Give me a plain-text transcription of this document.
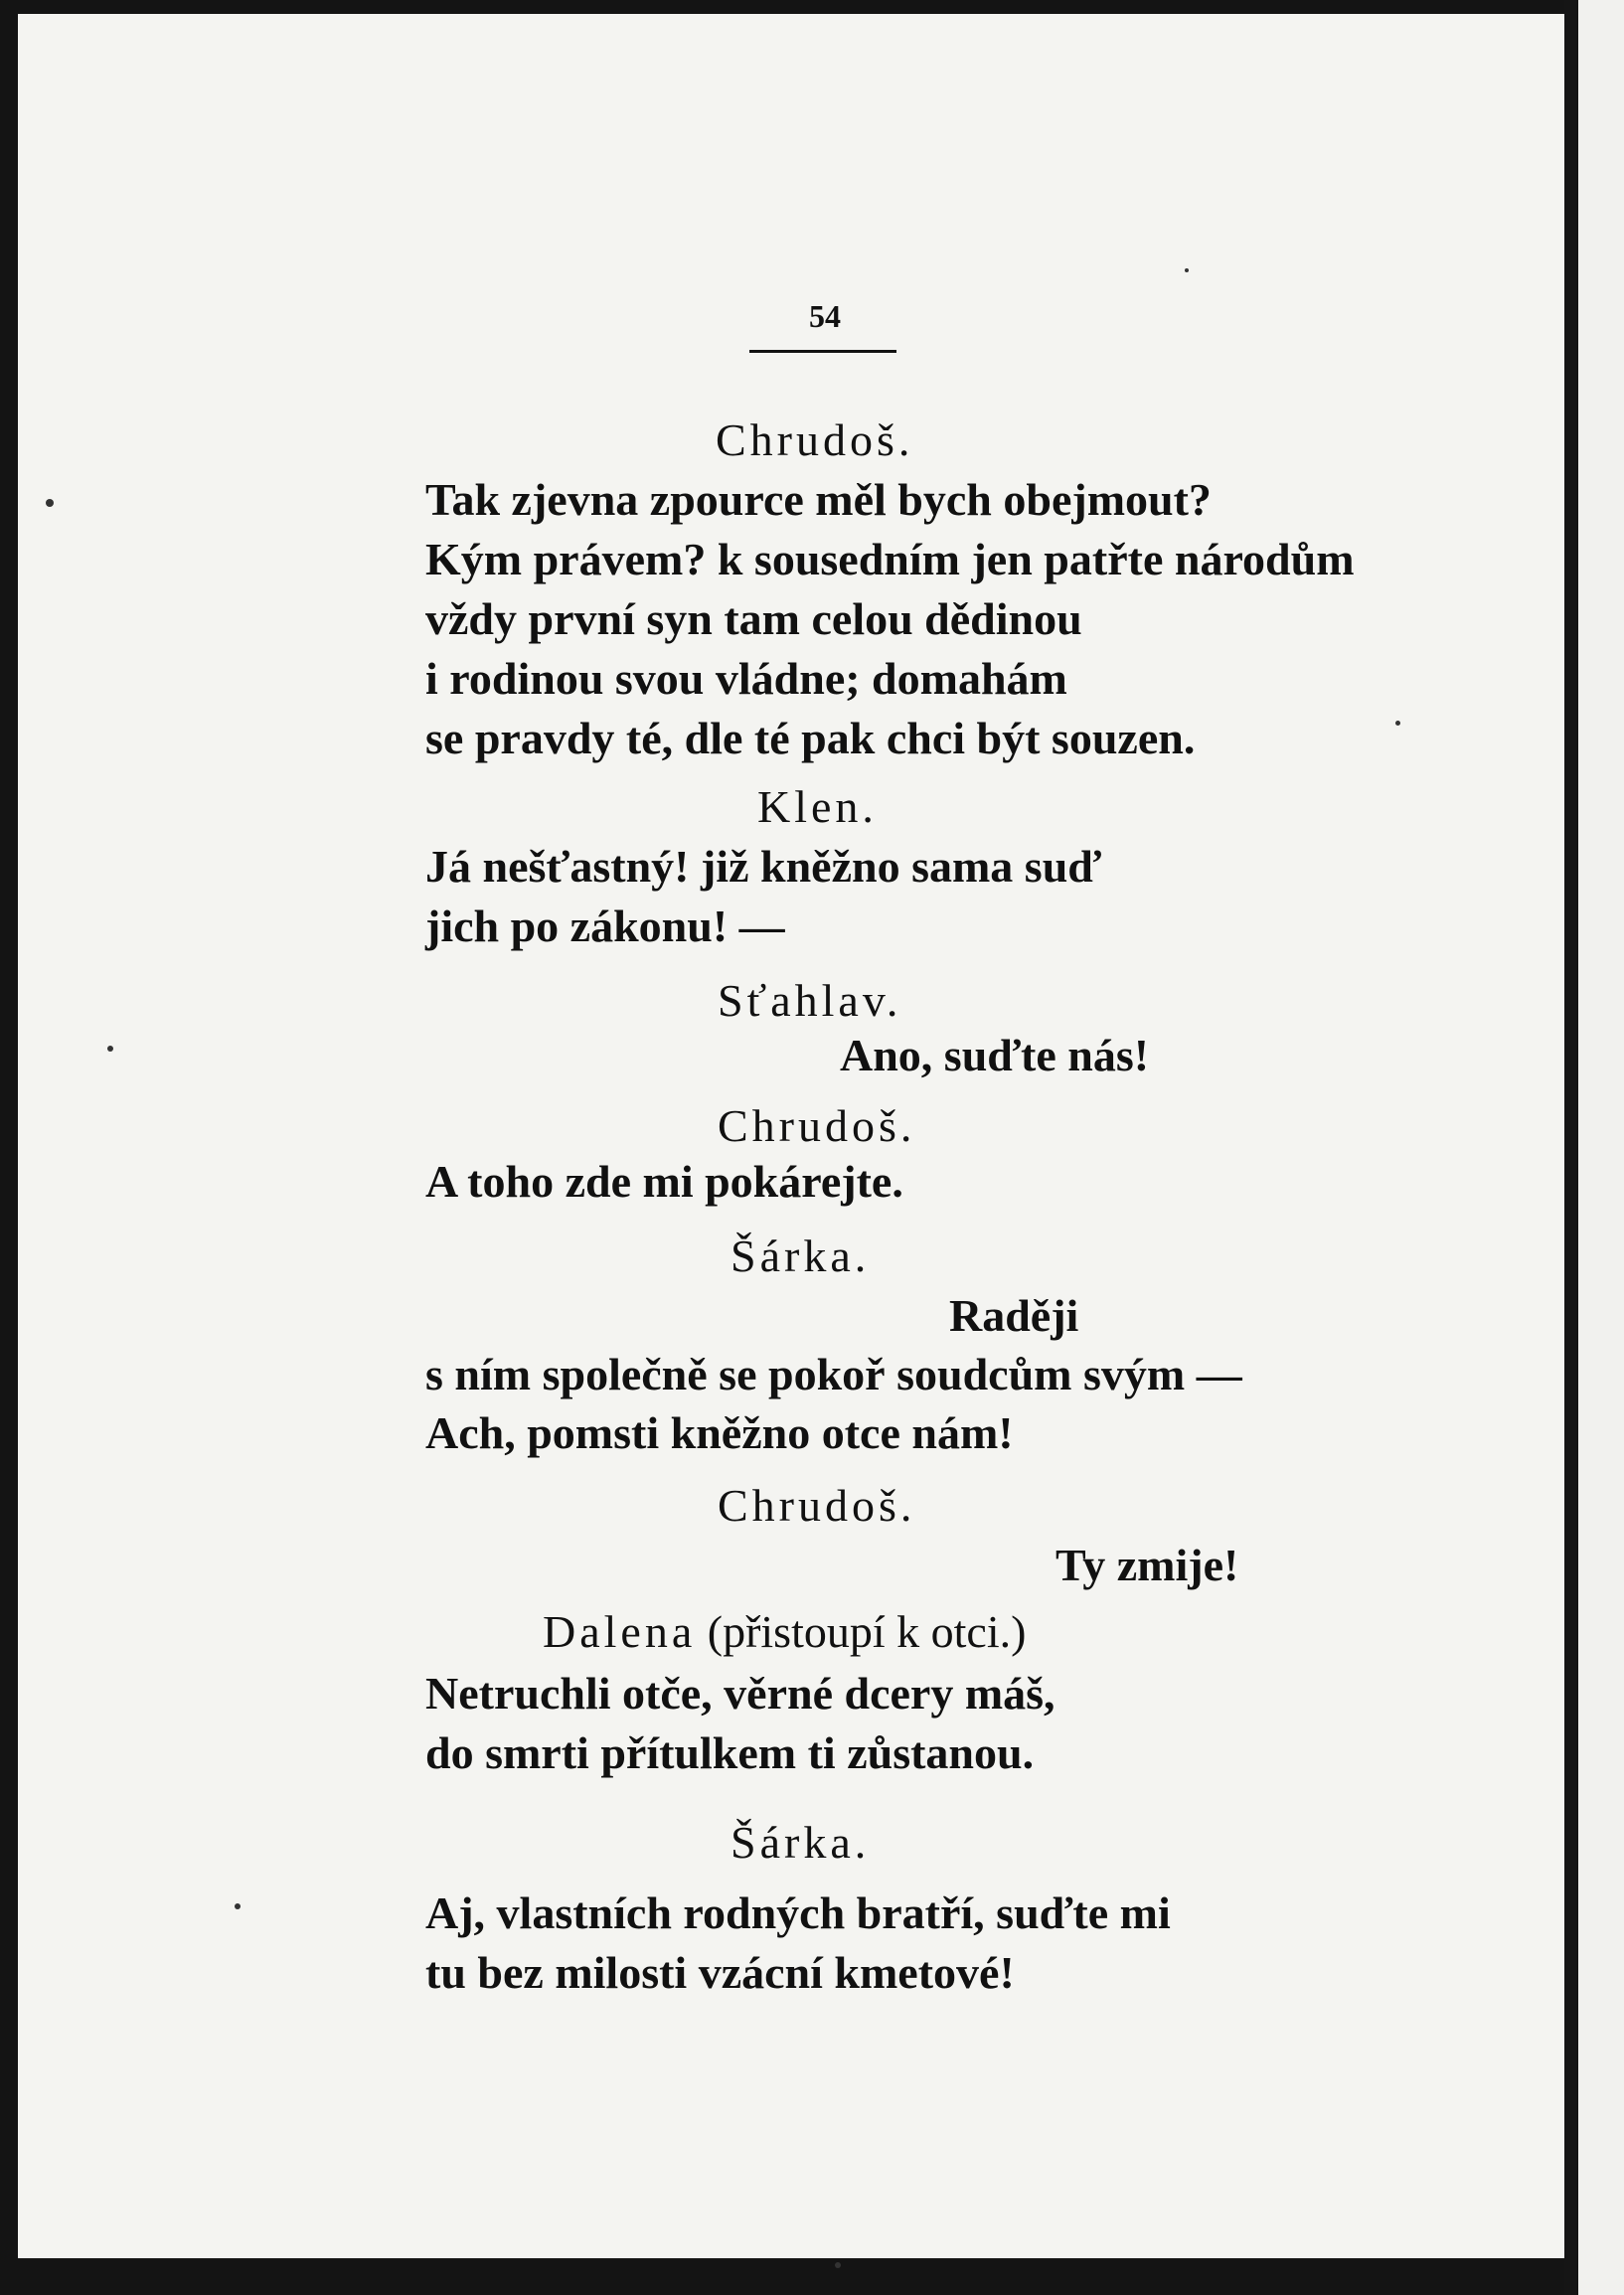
54
Chrudoš.
Tak zjevna zpource měl bych obejmout?
Kým právem? k sousedním jen patřte národům
vždy první syn tam celou dědinou
i rodinou svou vládne; domahám
se pravdy té, dle té pak chci být souzen.
Klen.
Já nešťastný! již kněžno sama suď
jich po zákonu! —
Sťahlav.
Ano, suďte nás!
Chrudoš.
A toho zde mi pokárejte.
Šárka.
Raději
s ním společně se pokoř soudcům svým —
Ach, pomsti kněžno otce nám!
Chrudoš.
Ty zmije!
Dalena (přistoupí k otci.)
Netruchli otče, věrné dcery máš,
do smrti přítulkem ti zůstanou.
Šárka.
Aj, vlastních rodných bratří, suďte mi
tu bez milosti vzácní kmetové!
